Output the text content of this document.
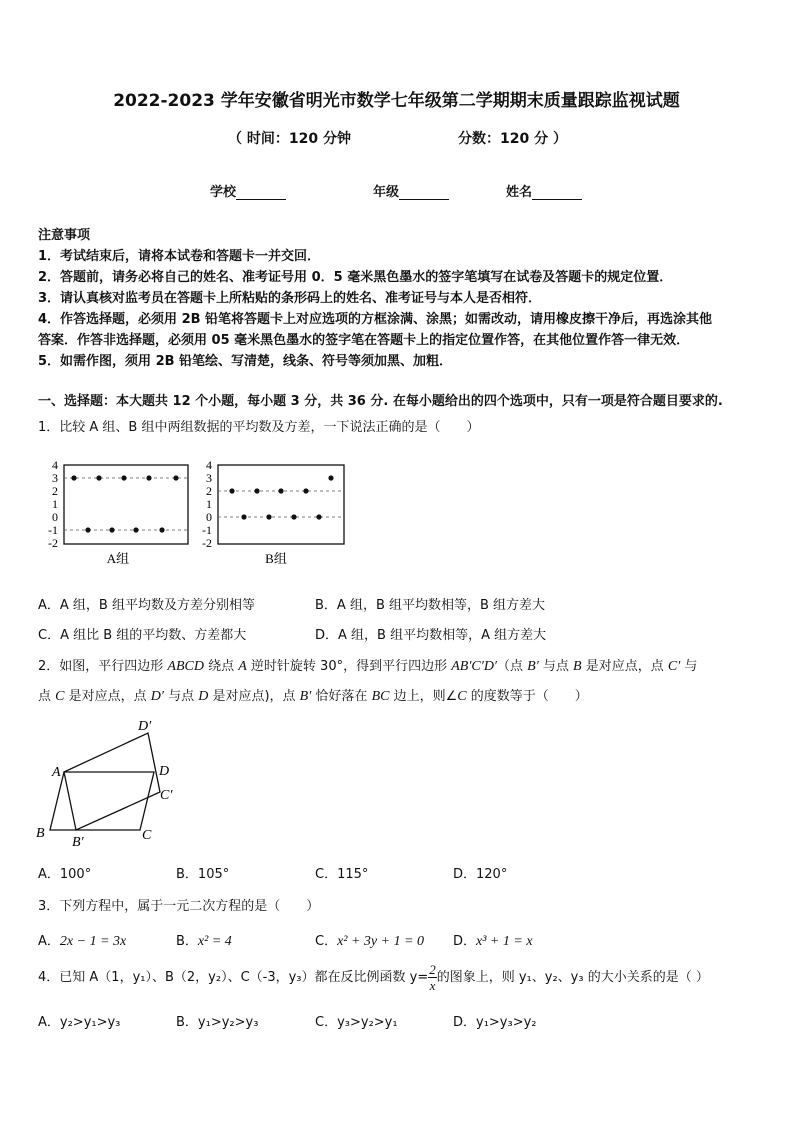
2022-2023 学年安徽省明光市数学七年级第二学期期末质量跟踪监视试题
（ 时间：120 分钟	分数：120 分 ）
学校	年级	姓名
注意事项
1．考试结束后，请将本试卷和答题卡一并交回．
2．答题前，请务必将自己的姓名、准考证号用 0．5 毫米黑色墨水的签字笔填写在试卷及答题卡的规定位置．
3．请认真核对监考员在答题卡上所粘贴的条形码上的姓名、准考证号与本人是否相符．
4．作答选择题，必须用 2B 铅笔将答题卡上对应选项的方框涂满、涂黑；如需改动，请用橡皮擦干净后，再选涂其他
答案．作答非选择题，必须用 05 毫米黑色墨水的签字笔在答题卡上的指定位置作答，在其他位置作答一律无效．
5．如需作图，须用 2B 铅笔绘、写清楚，线条、符号等须加黑、加粗．
一、选择题：本大题共 12 个小题，每小题 3 分，共 36 分. 在每小题给出的四个选项中，只有一项是符合题目要求的.
1．比较 A 组、B 组中两组数据的平均数及方差，一下说法正确的是（　　）
4
3
2
1
0
-1
-2
A组
4
3
2
1
0
-1
-2
B组
A．A 组，B 组平均数及方差分别相等	B．A 组，B 组平均数相等，B 组方差大
C．A 组比 B 组的平均数、方差都大	D．A 组，B 组平均数相等，A 组方差大
2．如图，平行四边形 ABCD 绕点 A 逆时针旋转 30°，得到平行四边形 AB′C′D′（点 B′ 与点 B 是对应点，点 C′ 与
点 C 是对应点，点 D′ 与点 D 是对应点)，点 B′ 恰好落在 BC 边上，则∠C 的度数等于（　　）
D′
A	D
C′
B
B′	C
A．100°	B．105°	C．115°	D．120°
3．下列方程中，属于一元二次方程的是（　　）
A．2x − 1 = 3x	B．x² = 4	C．x² + 3y + 1 = 0 D．x³ + 1 = x
4．已知 A（1，y₁）、B（2，y₂）、C（-3，y₃）都在反比例函数 $y= \frac{2}{x}$ 的图象上，则 y₁、y₂、y₃ 的大小关系的是（ ）
A．y₂>y₁>y₃	B．y₁>y₂>y₃	C．y₃>y₂>y₁	D．y₁>y₃>y₂
